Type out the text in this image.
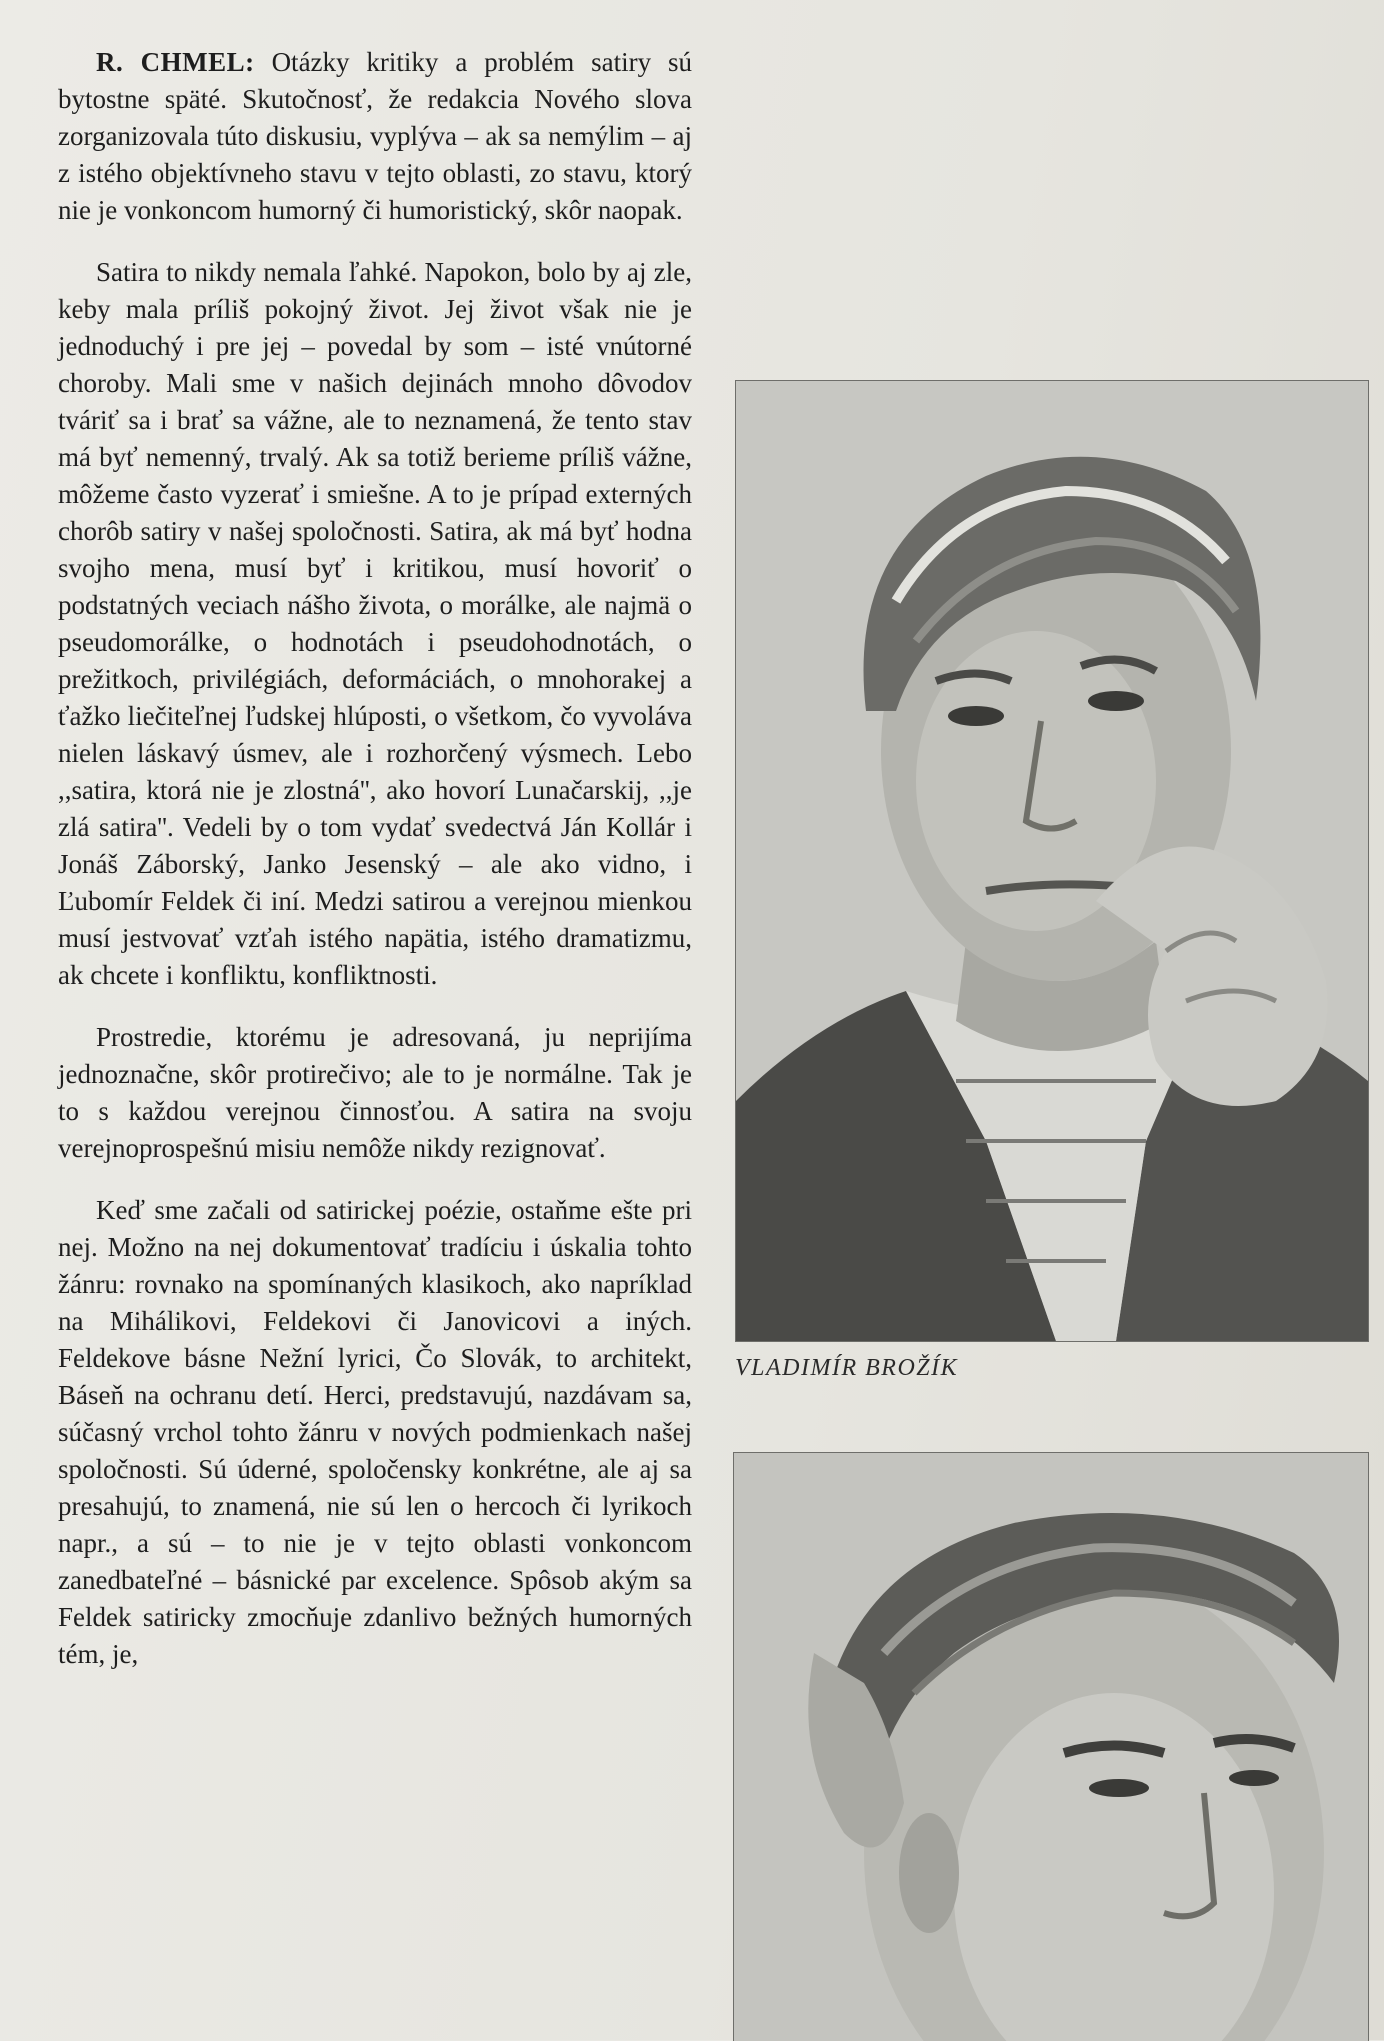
R. CHMEL: Otázky kritiky a problém satiry sú bytostne späté. Skutočnosť, že redakcia Nového slova zorganizovala túto diskusiu, vyplýva – ak sa nemýlim – aj z istého objektívneho stavu v tejto oblasti, zo stavu, ktorý nie je vonkoncom humorný či humoristický, skôr naopak.

Satira to nikdy nemala ľahké. Napokon, bolo by aj zle, keby mala príliš pokojný život. Jej život však nie je jednoduchý i pre jej – povedal by som – isté vnútorné choroby. Mali sme v našich dejinách mnoho dôvodov tváriť sa i brať sa vážne, ale to neznamená, že tento stav má byť nemenný, trvalý. Ak sa totiž berieme príliš vážne, môžeme často vyzerať i smiešne. A to je prípad externých chorôb satiry v našej spoločnosti. Satira, ak má byť hodna svojho mena, musí byť i kritikou, musí hovoriť o podstatných veciach nášho života, o morálke, ale najmä o pseudomorálke, o hodnotách i pseudohodnotách, o prežitkoch, privilégiách, deformáciách, o mnohorakej a ťažko liečiteľnej ľudskej hlúposti, o všetkom, čo vyvoláva nielen láskavý úsmev, ale i rozhorčený výsmech. Lebo ,,satira, ktorá nie je zlostná'', ako hovorí Lunačarskij, ,,je zlá satira''. Vedeli by o tom vydať svedectvá Ján Kollár i Jonáš Záborský, Janko Jesenský – ale ako vidno, i Ľubomír Feldek či iní. Medzi satirou a verejnou mienkou musí jestvovať vzťah istého napätia, istého dramatizmu, ak chcete i konfliktu, konfliktnosti.

Prostredie, ktorému je adresovaná, ju neprijíma jednoznačne, skôr protirečivo; ale to je normálne. Tak je to s každou verejnou činnosťou. A satira na svoju verejnoprospešnú misiu nemôže nikdy rezignovať.

Keď sme začali od satirickej poézie, ostaňme ešte pri nej. Možno na nej dokumentovať tradíciu i úskalia tohto žánru: rovnako na spomínaných klasikoch, ako napríklad na Mihálikovi, Feldekovi či Janovicovi a iných. Feldekove básne Nežní lyrici, Čo Slovák, to architekt, Báseň na ochranu detí. Herci, predstavujú, nazdávam sa, súčasný vrchol tohto žánru v nových podmienkach našej spoločnosti. Sú úderné, spoločensky konkrétne, ale aj sa presahujú, to znamená, nie sú len o hercoch či lyrikoch napr., a sú – to nie je v tejto oblasti vonkoncom zanedbateľné – básnické par excelence. Spôsob akým sa Feldek satiricky zmocňuje zdanlivo bežných humorných tém, je,

VLADIMÍR BROŽÍK
